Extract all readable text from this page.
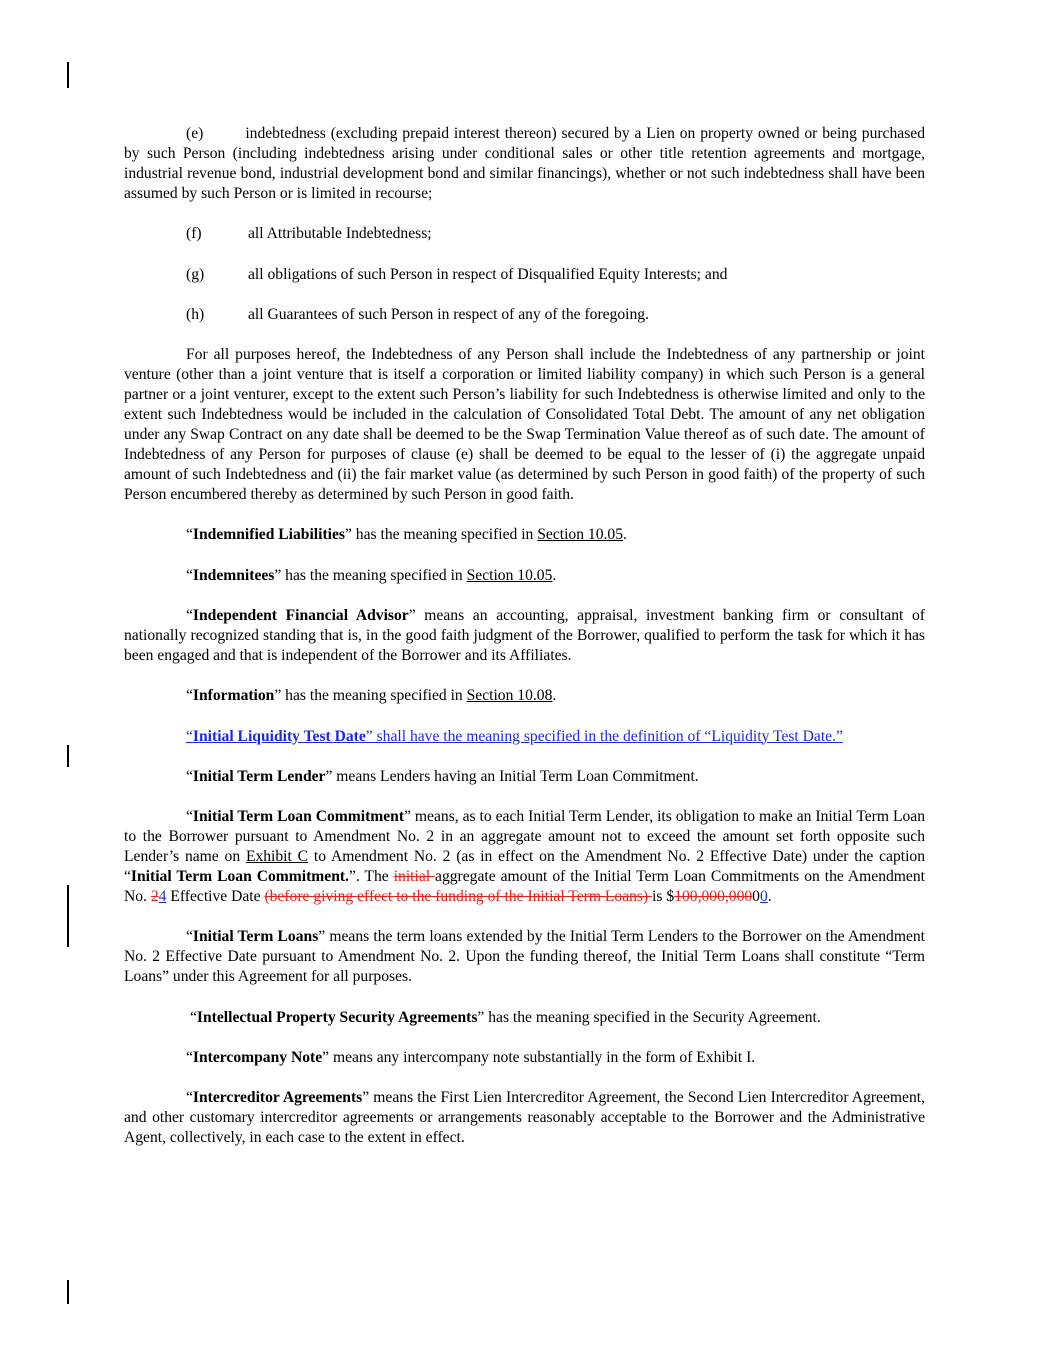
(e)	indebtedness (excluding prepaid interest thereon) secured by a Lien on property owned or being purchased by such Person (including indebtedness arising under conditional sales or other title retention agreements and mortgage, industrial revenue bond, industrial development bond and similar financings), whether or not such indebtedness shall have been assumed by such Person or is limited in recourse;

(f)	all Attributable Indebtedness;
(g)	all obligations of such Person in respect of Disqualified Equity Interests; and
(h)	all Guarantees of such Person in respect of any of the foregoing.

For all purposes hereof, the Indebtedness of any Person shall include the Indebtedness of any partnership or joint venture (other than a joint venture that is itself a corporation or limited liability company) in which such Person is a general partner or a joint venturer, except to the extent such Person’s liability for such Indebtedness is otherwise limited and only to the extent such Indebtedness would be included in the calculation of Consolidated Total Debt. The amount of any net obligation under any Swap Contract on any date shall be deemed to be the Swap Termination Value thereof as of such date. The amount of Indebtedness of any Person for purposes of clause (e) shall be deemed to be equal to the lesser of (i) the aggregate unpaid amount of such Indebtedness and (ii) the fair market value (as determined by such Person in good faith) of the property of such Person encumbered thereby as determined by such Person in good faith.

“Indemnified Liabilities” has the meaning specified in Section 10.05.

“Indemnitees” has the meaning specified in Section 10.05.

“Independent Financial Advisor” means an accounting, appraisal, investment banking firm or consultant of nationally recognized standing that is, in the good faith judgment of the Borrower, qualified to perform the task for which it has been engaged and that is independent of the Borrower and its Affiliates.

“Information” has the meaning specified in Section 10.08.

“Initial Liquidity Test Date” shall have the meaning specified in the definition of “Liquidity Test Date.”

“Initial Term Lender” means Lenders having an Initial Term Loan Commitment.

“Initial Term Loan Commitment” means, as to each Initial Term Lender, its obligation to make an Initial Term Loan to the Borrower pursuant to Amendment No. 2 in an aggregate amount not to exceed the amount set forth opposite such Lender’s name on Exhibit C to Amendment No. 2 (as in effect on the Amendment No. 2 Effective Date) under the caption “Initial Term Loan Commitment.”. The initial aggregate amount of the Initial Term Loan Commitments on the Amendment No. 24 Effective Date (before giving effect to the funding of the Initial Term Loans) is $100,000,00000.

“Initial Term Loans” means the term loans extended by the Initial Term Lenders to the Borrower on the Amendment No. 2 Effective Date pursuant to Amendment No. 2. Upon the funding thereof, the Initial Term Loans shall constitute “Term Loans” under this Agreement for all purposes.

“Intellectual Property Security Agreements” has the meaning specified in the Security Agreement.

“Intercompany Note” means any intercompany note substantially in the form of Exhibit I.

“Intercreditor Agreements” means the First Lien Intercreditor Agreement, the Second Lien Intercreditor Agreement, and other customary intercreditor agreements or arrangements reasonably acceptable to the Borrower and the Administrative Agent, collectively, in each case to the extent in effect.
